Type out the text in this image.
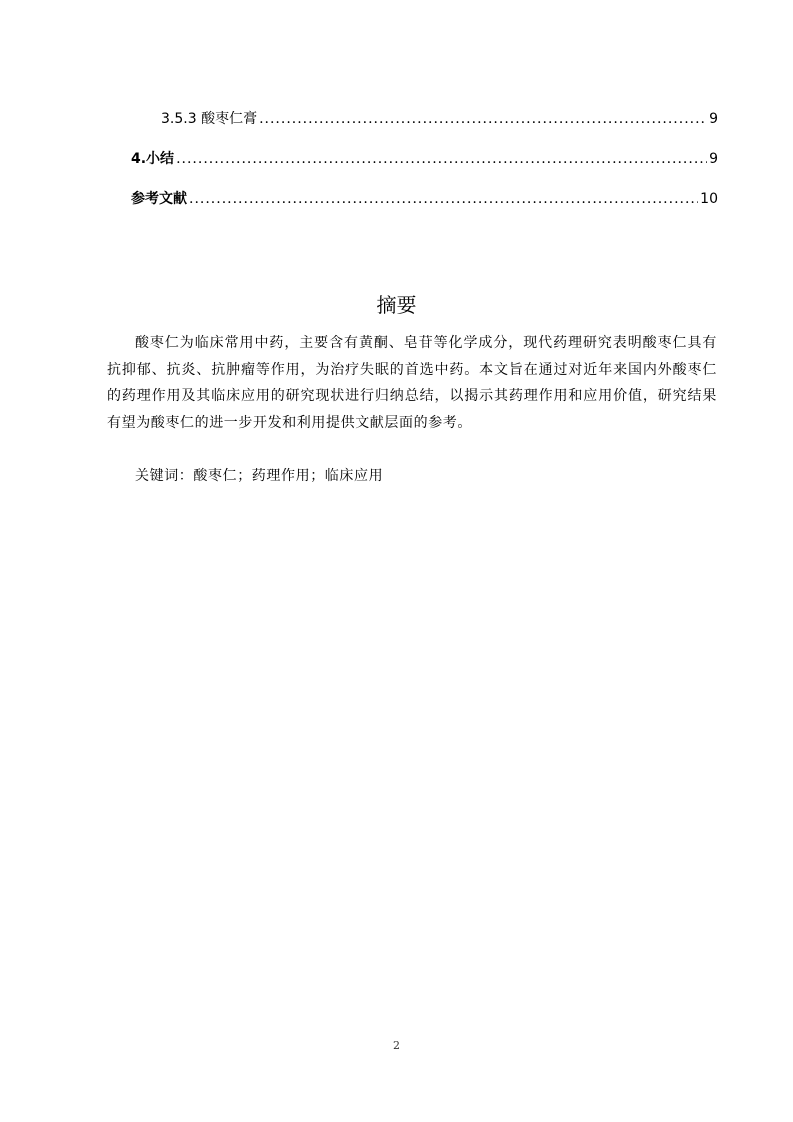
3.5.3 酸枣仁膏 .....	9
4.小结 .....	9
参考文献 .....	10
摘要

酸枣仁为临床常用中药，主要含有黄酮、皂苷等化学成分，现代药理研究表明酸枣仁具有抗抑郁、抗炎、抗肿瘤等作用，为治疗失眠的首选中药。本文旨在通过对近年来国内外酸枣仁的药理作用及其临床应用的研究现状进行归纳总结，以揭示其药理作用和应用价值，研究结果有望为酸枣仁的进一步开发和利用提供文献层面的参考。

关键词：酸枣仁；药理作用；临床应用

2
